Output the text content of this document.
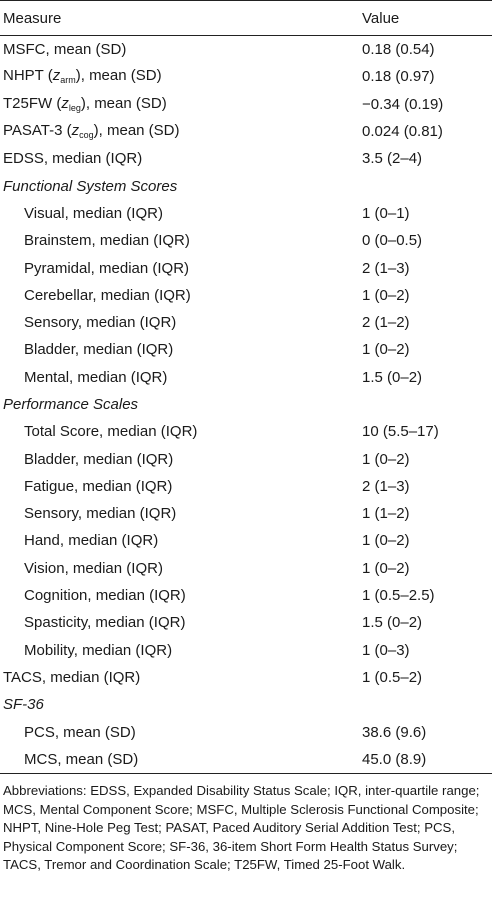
Measure	Value
MSFC, mean (SD)	0.18 (0.54)
NHPT $(z_{arm})$, mean (SD)	0.18 (0.97)
T25FW $(z_{leg})$, mean (SD)	−0.34 (0.19)
PASAT-3 $(z_{cog})$, mean (SD)	0.024 (0.81)
EDSS, median (IQR)	3.5 (2–4)
Functional System Scores
Visual, median (IQR)	1 (0–1)
Brainstem, median (IQR)	0 (0–0.5)
Pyramidal, median (IQR)	2 (1–3)
Cerebellar, median (IQR)	1 (0–2)
Sensory, median (IQR)	2 (1–2)
Bladder, median (IQR)	1 (0–2)
Mental, median (IQR)	1.5 (0–2)
Performance Scales
Total Score, median (IQR)	10 (5.5–17)
Bladder, median (IQR)	1 (0–2)
Fatigue, median (IQR)	2 (1–3)
Sensory, median (IQR)	1 (1–2)
Hand, median (IQR)	1 (0–2)
Vision, median (IQR)	1 (0–2)
Cognition, median (IQR)	1 (0.5–2.5)
Spasticity, median (IQR)	1.5 (0–2)
Mobility, median (IQR)	1 (0–3)
TACS, median (IQR)	1 (0.5–2)
SF-36
PCS, mean (SD)	38.6 (9.6)
MCS, mean (SD)	45.0 (8.9)
Abbreviations: EDSS, Expanded Disability Status Scale; IQR, inter-quartile range; MCS, Mental Component Score; MSFC, Multiple Sclerosis Functional Composite; NHPT, Nine-Hole Peg Test; PASAT, Paced Auditory Serial Addition Test; PCS, Physical Component Score; SF-36, 36-item Short Form Health Status Survey; TACS, Tremor and Coordination Scale; T25FW, Timed 25-Foot Walk.
